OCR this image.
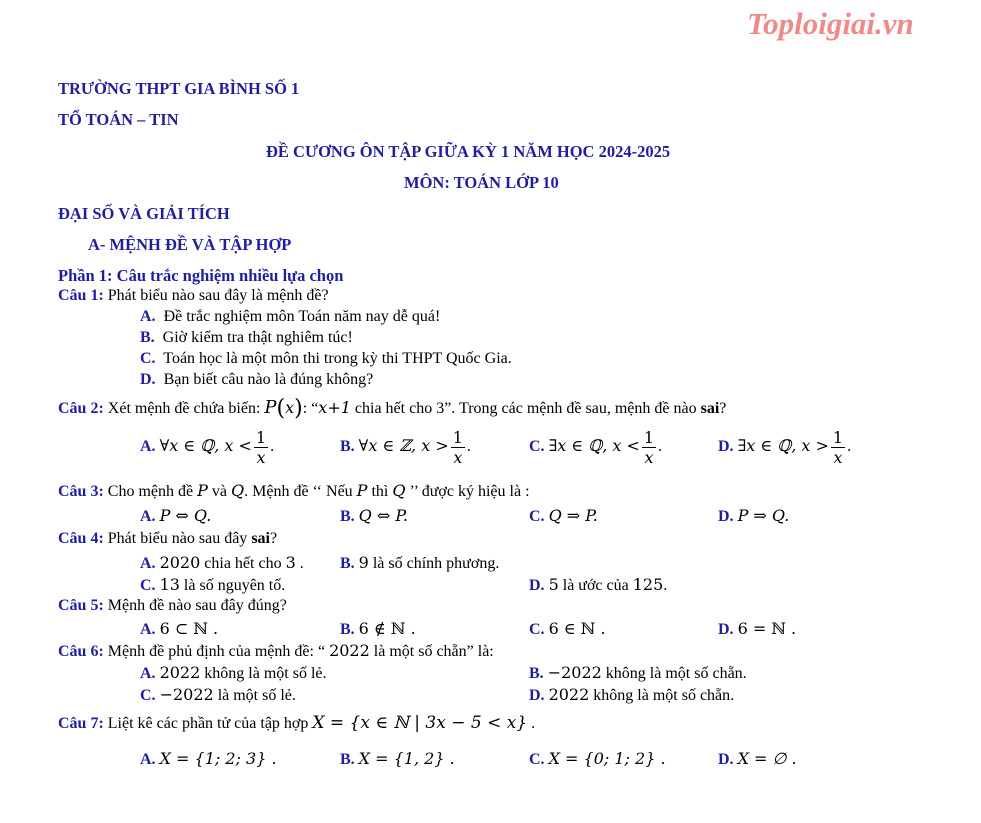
Toploigiai.vn
TRƯỜNG THPT GIA BÌNH SỐ 1
TỔ TOÁN – TIN
ĐỀ CƯƠNG ÔN TẬP GIỮA KỲ 1 NĂM HỌC 2024-2025
MÔN: TOÁN LỚP 10
ĐẠI SỐ VÀ GIẢI TÍCH
A- MỆNH ĐỀ VÀ TẬP HỢP
Phần 1: Câu trắc nghiệm nhiều lựa chọn
Câu 1: Phát biểu nào sau đây là mệnh đề?
A. Đề trắc nghiệm môn Toán năm nay dễ quá!
B. Giờ kiểm tra thật nghiêm túc!
C. Toán học là một môn thi trong kỳ thi THPT Quốc Gia.
D. Bạn biết câu nào là đúng không?
Câu 2: Xét mệnh đề chứa biến: P(x): “x+1 chia hết cho 3”. Trong các mệnh đề sau, mệnh đề nào sai?
A. ∀x ∈ ℚ, $x < \frac{1}{x}$ .	B. ∀x ∈ ℤ, $x > \frac{1}{x}$ .	C. ∃x ∈ ℚ, $x < \frac{1}{x}$ .	D. ∃x ∈ ℚ, $x > \frac{1}{x}$ .
Câu 3: Cho mệnh đề P và Q. Mệnh đề ‘‘ Nếu P thì Q ’’ được ký hiệu là :
A. P ⇔ Q.	B. Q ⇔ P.	C. Q ⇒ P.	D. P ⇒ Q.
Câu 4: Phát biểu nào sau đây sai?
A. 2020 chia hết cho 3 . B. 9 là số chính phương.
C. 13 là số nguyên tố.	D. 5 là ước của 125.
Câu 5: Mệnh đề nào sau đây đúng?
A. 6 ⊂ ℕ .	B. 6 ∉ ℕ .	C. 6 ∈ ℕ .	D. 6 = ℕ .
Câu 6: Mệnh đề phủ định của mệnh đề: “ 2022 là một số chẵn” là:
A. 2022 không là một số lẻ.	B. −2022 không là một số chẵn.
C. −2022 là một số lẻ.	D. 2022 không là một số chẵn.
Câu 7: Liệt kê các phần tử của tập hợp X = {x ∈ ℕ | 3x − 5 < x} .
A. X = {1; 2; 3} .	B. X = {1, 2} .	C. X = {0; 1; 2} .	D. X = ∅ .
